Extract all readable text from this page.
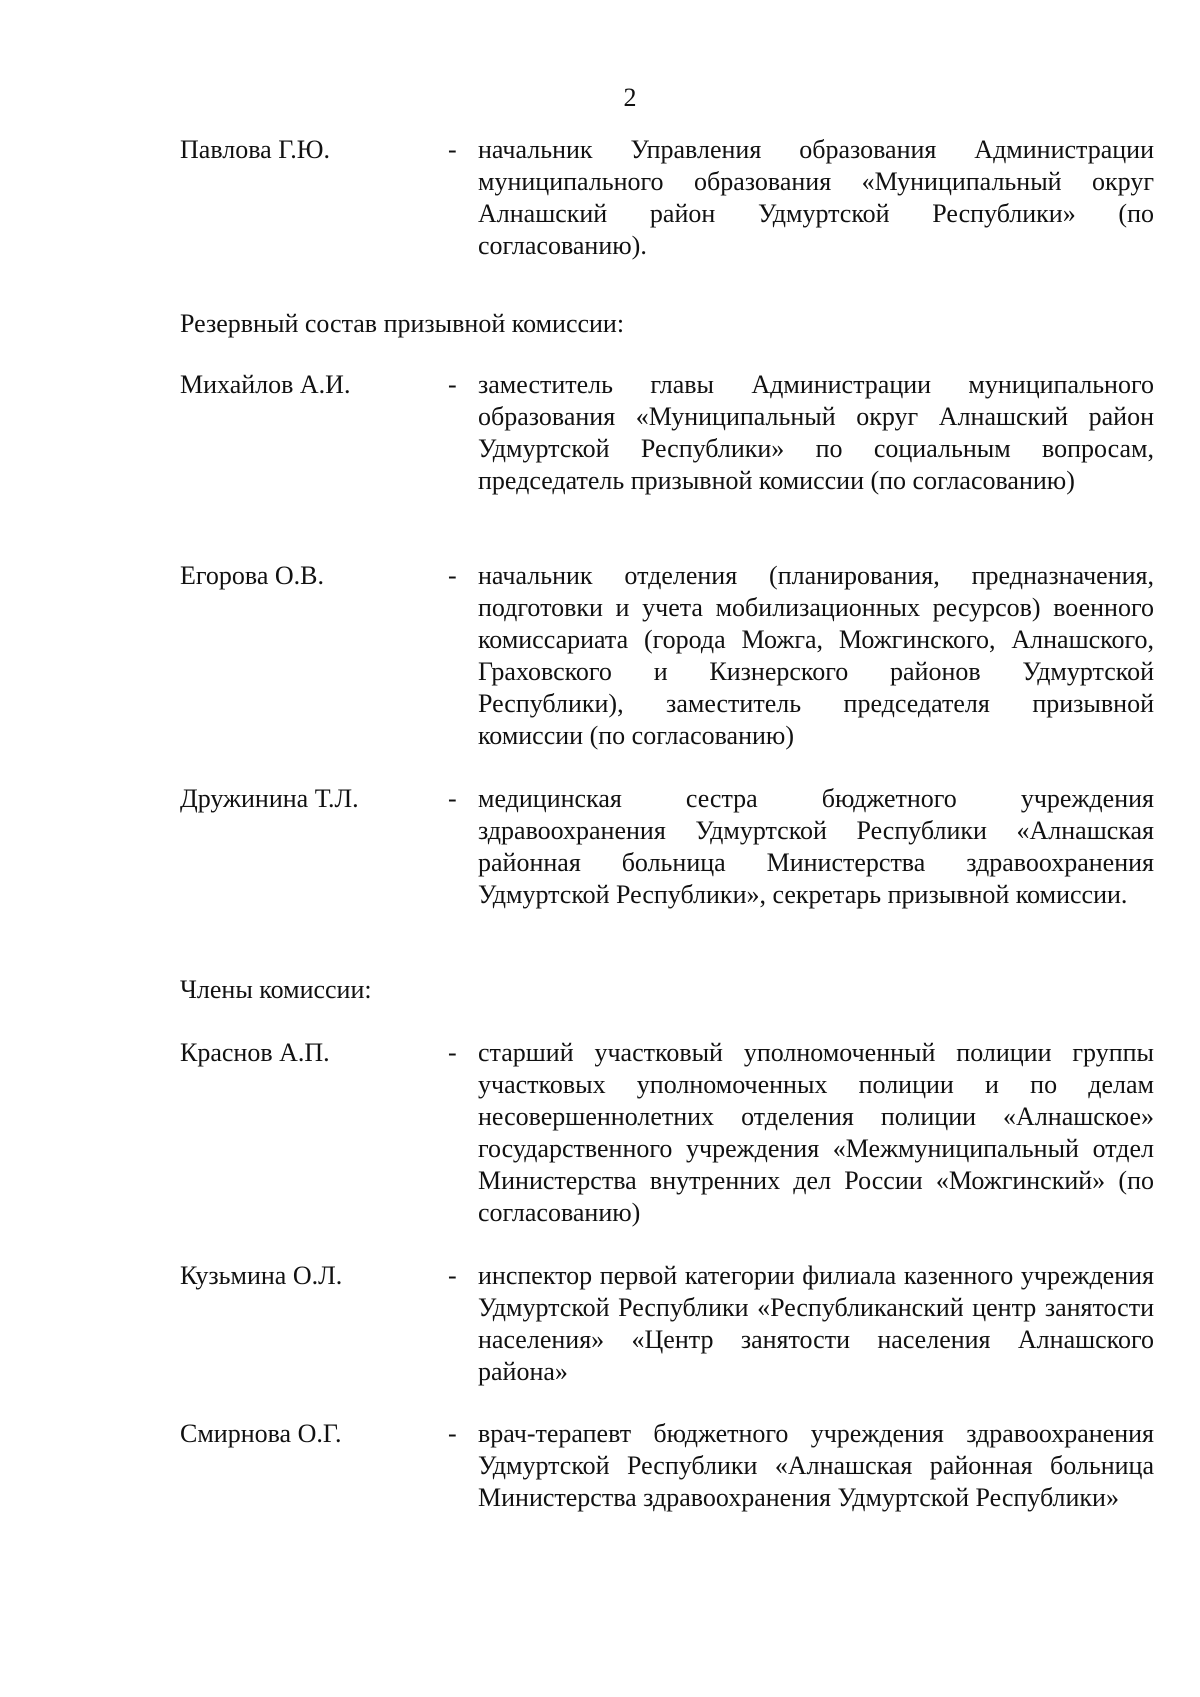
2
Павлова Г.Ю.	- начальник Управления образования Администрации муниципального образования «Муниципальный округ Алнашский район Удмуртской Республики» (по согласованию).
Резервный состав призывной комиссии:
Михайлов А.И.	- заместитель главы Администрации муниципального образования «Муниципальный округ Алнашский район Удмуртской Республики» по социальным вопросам, председатель призывной комиссии (по согласованию)
Егорова О.В.	- начальник отделения (планирования, предназначения, подготовки и учета мобилизационных ресурсов) военного комиссариата (города Можга, Можгинского, Алнашского, Граховского и Кизнерского районов Удмуртской Республики), заместитель председателя призывной комиссии (по согласованию)
Дружинина Т.Л.	- медицинская сестра бюджетного учреждения здравоохранения Удмуртской Республики «Алнашская районная больница Министерства здравоохранения Удмуртской Республики», секретарь призывной комиссии.
Члены комиссии:
Краснов А.П.	- старший участковый уполномоченный полиции группы участковых уполномоченных полиции и по делам несовершеннолетних отделения полиции «Алнашское» государственного учреждения «Межмуниципальный отдел Министерства внутренних дел России «Можгинский» (по согласованию)
Кузьмина О.Л.	- инспектор первой категории филиала казенного учреждения Удмуртской Республики «Республиканский центр занятости населения» «Центр занятости населения Алнашского района»
Смирнова О.Г.	- врач-терапевт бюджетного учреждения здравоохранения Удмуртской Республики «Алнашская районная больница Министерства здравоохранения Удмуртской Республики»
